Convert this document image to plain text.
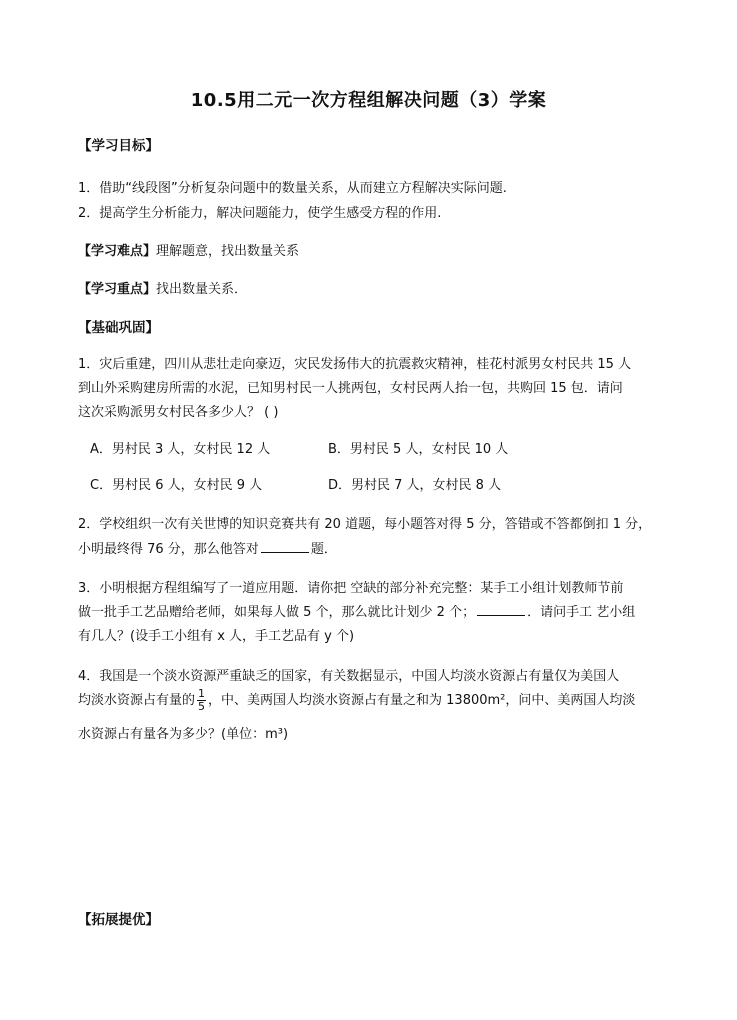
10.5用二元一次方程组解决问题（3）学案
【学习目标】
1．借助“线段图”分析复杂问题中的数量关系，从而建立方程解决实际问题.
2．提高学生分析能力，解决问题能力，使学生感受方程的作用.
【学习难点】理解题意，找出数量关系
【学习重点】找出数量关系．
【基础巩固】
1．灾后重建，四川从悲壮走向豪迈，灾民发扬伟大的抗震救灾精神，桂花村派男女村民共 15 人
到山外采购建房所需的水泥，已知男村民一人挑两包，女村民两人抬一包，共购回 15 包．请问
这次采购派男女村民各多少人？ ( )
A．男村民 3 人，女村民 12 人	B．男村民 5 人，女村民 10 人
C．男村民 6 人，女村民 9 人	D．男村民 7 人，女村民 8 人
2．学校组织一次有关世博的知识竞赛共有 20 道题，每小题答对得 5 分，答错或不答都倒扣 1 分，
小明最终得 76 分，那么他答对	题．
3．小明根据方程组编写了一道应用题．请你把 空缺的部分补充完整：某手工小组计划教师节前
做一批手工艺品赠给老师，如果每人做 5 个，那么就比计划少 2 个；	．请问手工 艺小组
有几人？(设手工小组有 x 人，手工艺品有 y 个)
4．我国是一个淡水资源严重缺乏的国家，有关数据显示，中国人均淡水资源占有量仅为美国人
均淡水资源占有量的 $\frac{1}{5}$ ，中、美两国人均淡水资源占有量之和为 13800m²，问中、美两国人均淡
水资源占有量各为多少？(单位：m³)
【拓展提优】
